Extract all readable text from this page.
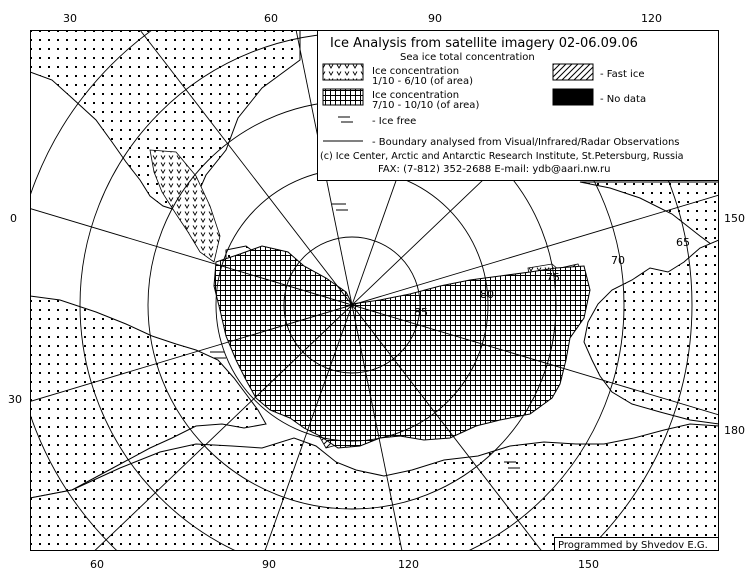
85
80
75
70
65
30	60	90	120
0
30
150
180
60	90	120	150
Ice Analysis from satellite imagery 02-06.09.06
Sea ice total concentration
Ice concentration
1/10 - 6/10 (of area)
Ice concentration
7/10 - 10/10 (of area)
- Ice free
- Fast ice
- No data
- Boundary analysed from Visual/Infrared/Radar Observations
(c) Ice Center, Arctic and Antarctic Research Institute, St.Petersburg, Russia
FAX: (7-812) 352-2688 E-mail: ydb@aari.nw.ru
Programmed by Shvedov E.G.
